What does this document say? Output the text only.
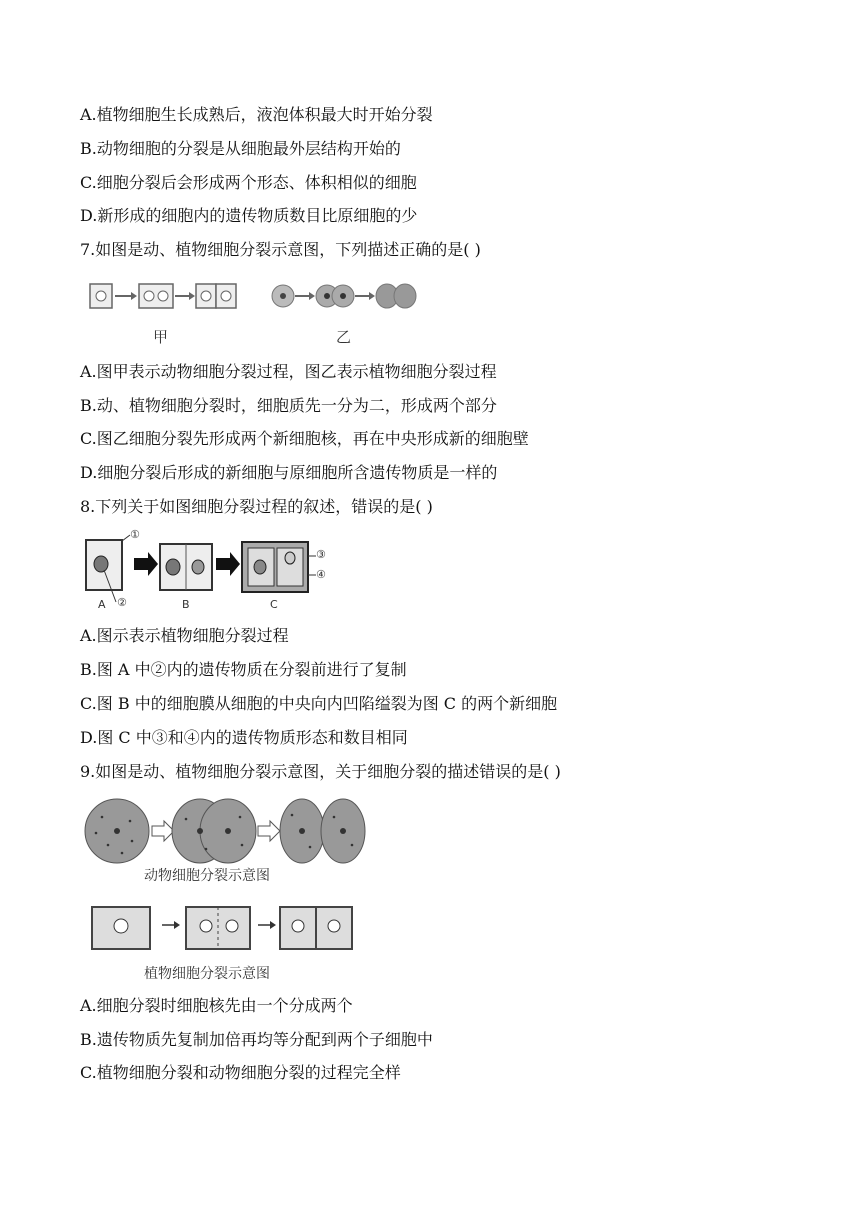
A.植物细胞生长成熟后，液泡体积最大时开始分裂
B.动物细胞的分裂是从细胞最外层结构开始的
C.细胞分裂后会形成两个形态、体积相似的细胞
D.新形成的细胞内的遗传物质数目比原细胞的少
7.如图是动、植物细胞分裂示意图，下列描述正确的是( )
甲	乙
A.图甲表示动物细胞分裂过程，图乙表示植物细胞分裂过程
B.动、植物细胞分裂时，细胞质先一分为二，形成两个部分
C.图乙细胞分裂先形成两个新细胞核，再在中央形成新的细胞壁
D.细胞分裂后形成的新细胞与原细胞所含遗传物质是一样的
8.下列关于如图细胞分裂过程的叙述，错误的是( )
①
②
③
④
A	B	C
A.图示表示植物细胞分裂过程
B.图 A 中②内的遗传物质在分裂前进行了复制
C.图 B 中的细胞膜从细胞的中央向内凹陷缢裂为图 C 的两个新细胞
D.图 C 中③和④内的遗传物质形态和数目相同
9.如图是动、植物细胞分裂示意图，关于细胞分裂的描述错误的是( )
动物细胞分裂示意图
植物细胞分裂示意图
A.细胞分裂时细胞核先由一个分成两个
B.遗传物质先复制加倍再均等分配到两个子细胞中
C.植物细胞分裂和动物细胞分裂的过程完全样
